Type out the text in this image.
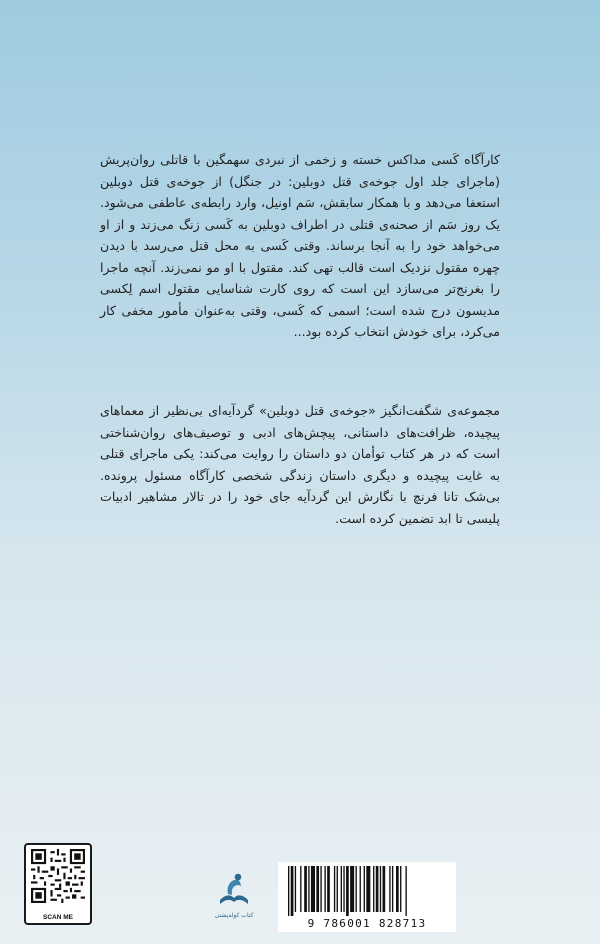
کارآگاه کَسی مداکس خسته و زخمی از نبردی سهمگین با قاتلی روان‌پریش (ماجرای جلد اول جوخه‌ی قتل دوبلین: در جنگل) از جوخه‌ی قتل دوبلین استعفا می‌دهد و با همکار سابقش، سَم اونیل، وارد رابطه‌ی عاطفی می‌شود. یک روز سَم از صحنه‌ی قتلی در اطراف دوبلین به کَسی زنگ می‌زند و از او می‌خواهد خود را به آنجا برساند. وقتی کَسی به محل قتل می‌رسد با دیدن چهره مقتول نزدیک است قالب تهی کند. مقتول با او مو نمی‌زند. آنچه ماجرا را بغرنج‌تر می‌سازد این است که روی کارت شناسایی مقتول اسم لِکسی مدیسون درج شده است؛ اسمی که کَسی، وقتی به‌عنوان مأمور مخفی کار می‌کرد، برای خودش انتخاب کرده بود...

مجموعه‌ی شگفت‌انگیز «جوخه‌ی قتل دوبلین» گردآیه‌ای بی‌نظیر از معماهای پیچیده، ظرافت‌های داستانی، پیچش‌های ادبی و توصیف‌های روان‌شناختی است که در هر کتاب توأمان دو داستان را روایت می‌کند: یکی ماجرای قتلی به غایت پیچیده و دیگری داستان زندگی شخصی کارآگاه مسئول پرونده. بی‌شک تانا فرنچ با نگارش این گردآیه جای خود را در تالار مشاهیر ادبیات پلیسی تا ابد تضمین کرده است.

SCAN ME	کتاب کوله‌پشتی
9 786001 828713
